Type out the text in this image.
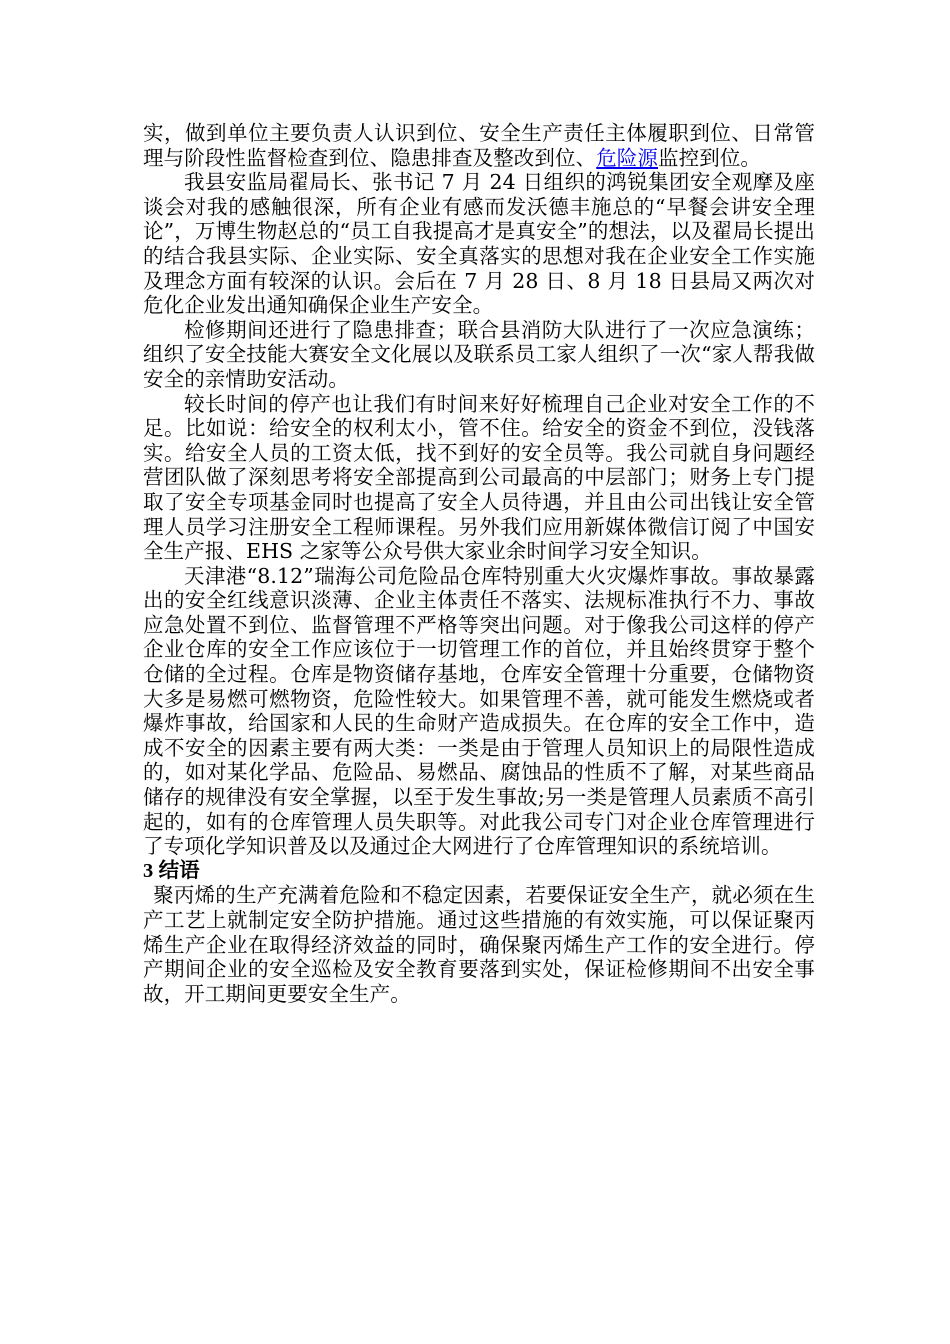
实，做到单位主要负责人认识到位、安全生产责任主体履职到位、日常管理与阶段性监督检查到位、隐患排查及整改到位、危险源监控到位。

我县安监局翟局长、张书记 7 月 24 日组织的鸿锐集团安全观摩及座谈会对我的感触很深，所有企业有感而发沃德丰施总的“早餐会讲安全理论”，万博生物赵总的“员工自我提高才是真安全”的想法，以及翟局长提出的结合我县实际、企业实际、安全真落实的思想对我在企业安全工作实施及理念方面有较深的认识。会后在 7 月 28 日、8 月 18 日县局又两次对危化企业发出通知确保企业生产安全。

检修期间还进行了隐患排查；联合县消防大队进行了一次应急演练；组织了安全技能大赛安全文化展以及联系员工家人组织了一次“家人帮我做安全的亲情助安活动。

较长时间的停产也让我们有时间来好好梳理自己企业对安全工作的不足。比如说：给安全的权利太小，管不住。给安全的资金不到位，没钱落实。给安全人员的工资太低，找不到好的安全员等。我公司就自身问题经营团队做了深刻思考将安全部提高到公司最高的中层部门；财务上专门提取了安全专项基金同时也提高了安全人员待遇，并且由公司出钱让安全管理人员学习注册安全工程师课程。另外我们应用新媒体微信订阅了中国安全生产报、EHS 之家等公众号供大家业余时间学习安全知识。

天津港“8.12”瑞海公司危险品仓库特别重大火灾爆炸事故。事故暴露出的安全红线意识淡薄、企业主体责任不落实、法规标准执行不力、事故应急处置不到位、监督管理不严格等突出问题。对于像我公司这样的停产企业仓库的安全工作应该位于一切管理工作的首位，并且始终贯穿于整个仓储的全过程。仓库是物资储存基地，仓库安全管理十分重要，仓储物资大多是易燃可燃物资，危险性较大。如果管理不善，就可能发生燃烧或者爆炸事故，给国家和人民的生命财产造成损失。在仓库的安全工作中，造成不安全的因素主要有两大类：一类是由于管理人员知识上的局限性造成的，如对某化学品、危险品、易燃品、腐蚀品的性质不了解，对某些商品储存的规律没有安全掌握，以至于发生事故;另一类是管理人员素质不高引起的，如有的仓库管理人员失职等。对此我公司专门对企业仓库管理进行了专项化学知识普及以及通过企大网进行了仓库管理知识的系统培训。

3 结语

聚丙烯的生产充满着危险和不稳定因素，若要保证安全生产，就必须在生产工艺上就制定安全防护措施。通过这些措施的有效实施，可以保证聚丙烯生产企业在取得经济效益的同时，确保聚丙烯生产工作的安全进行。停产期间企业的安全巡检及安全教育要落到实处，保证检修期间不出安全事故，开工期间更要安全生产。
